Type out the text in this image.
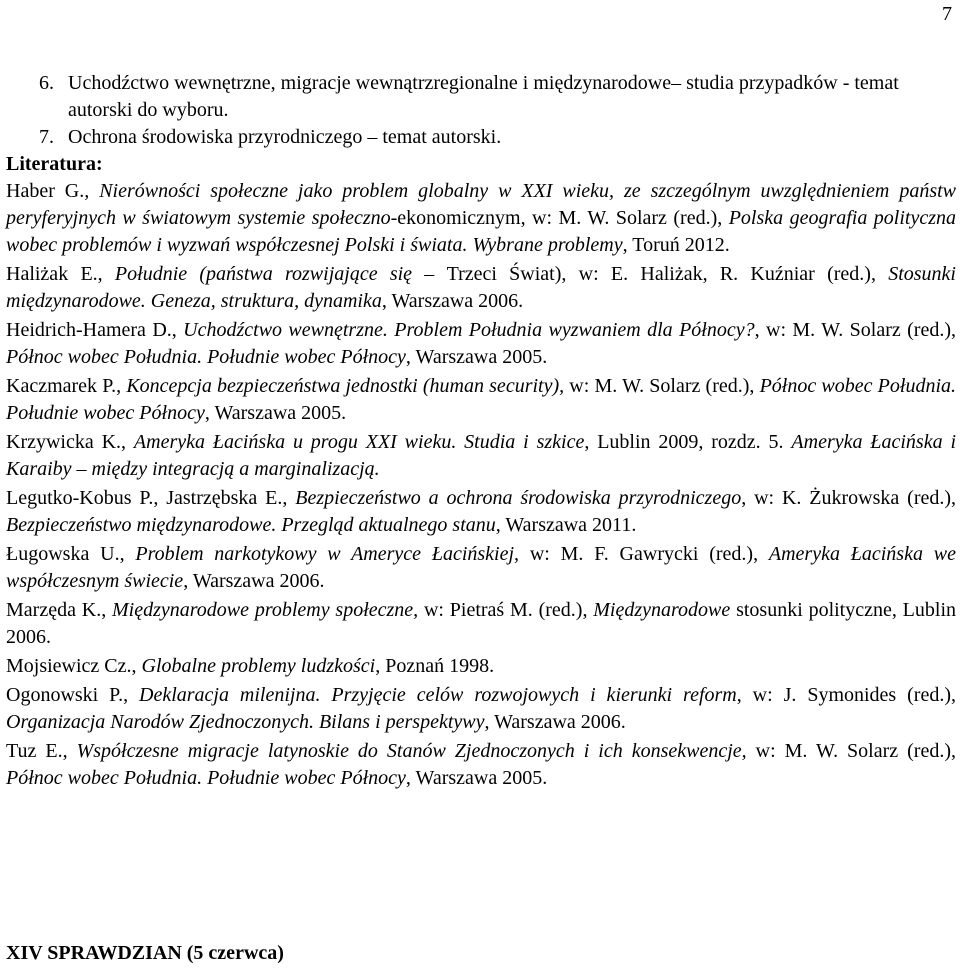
7
6. Uchodźctwo wewnętrzne, migracje wewnątrzregionalne i międzynarodowe– studia przypadków - temat autorski do wyboru.
7. Ochrona środowiska przyrodniczego – temat autorski.
Literatura:
Haber G., Nierówności społeczne jako problem globalny w XXI wieku, ze szczególnym uwzględnieniem państw peryferyjnych w światowym systemie społeczno-ekonomicznym, w: M. W. Solarz (red.), Polska geografia polityczna wobec problemów i wyzwań współczesnej Polski i świata. Wybrane problemy, Toruń 2012.
Haliżak E., Południe (państwa rozwijające się – Trzeci Świat), w: E. Haliżak, R. Kuźniar (red.), Stosunki międzynarodowe. Geneza, struktura, dynamika, Warszawa 2006.
Heidrich-Hamera D., Uchodźctwo wewnętrzne. Problem Południa wyzwaniem dla Północy?, w: M. W. Solarz (red.), Północ wobec Południa. Południe wobec Północy, Warszawa 2005.
Kaczmarek P., Koncepcja bezpieczeństwa jednostki (human security), w: M. W. Solarz (red.), Północ wobec Południa. Południe wobec Północy, Warszawa 2005.
Krzywicka K., Ameryka Łacińska u progu XXI wieku. Studia i szkice, Lublin 2009, rozdz. 5. Ameryka Łacińska i Karaiby – między integracją a marginalizacją.
Legutko-Kobus P., Jastrzębska E., Bezpieczeństwo a ochrona środowiska przyrodniczego, w: K. Żukrowska (red.), Bezpieczeństwo międzynarodowe. Przegląd aktualnego stanu, Warszawa 2011.
Ługowska U., Problem narkotykowy w Ameryce Łacińskiej, w: M. F. Gawrycki (red.), Ameryka Łacińska we współczesnym świecie, Warszawa 2006.
Marzęda K., Międzynarodowe problemy społeczne, w: Pietraś M. (red.), Międzynarodowe stosunki polityczne, Lublin 2006.
Mojsiewicz Cz., Globalne problemy ludzkości, Poznań 1998.
Ogonowski P., Deklaracja milenijna. Przyjęcie celów rozwojowych i kierunki reform, w: J. Symonides (red.), Organizacja Narodów Zjednoczonych. Bilans i perspektywy, Warszawa 2006.
Tuz E., Współczesne migracje latynoskie do Stanów Zjednoczonych i ich konsekwencje, w: M. W. Solarz (red.), Północ wobec Południa. Południe wobec Północy, Warszawa 2005.
XIV SPRAWDZIAN (5 czerwca)
